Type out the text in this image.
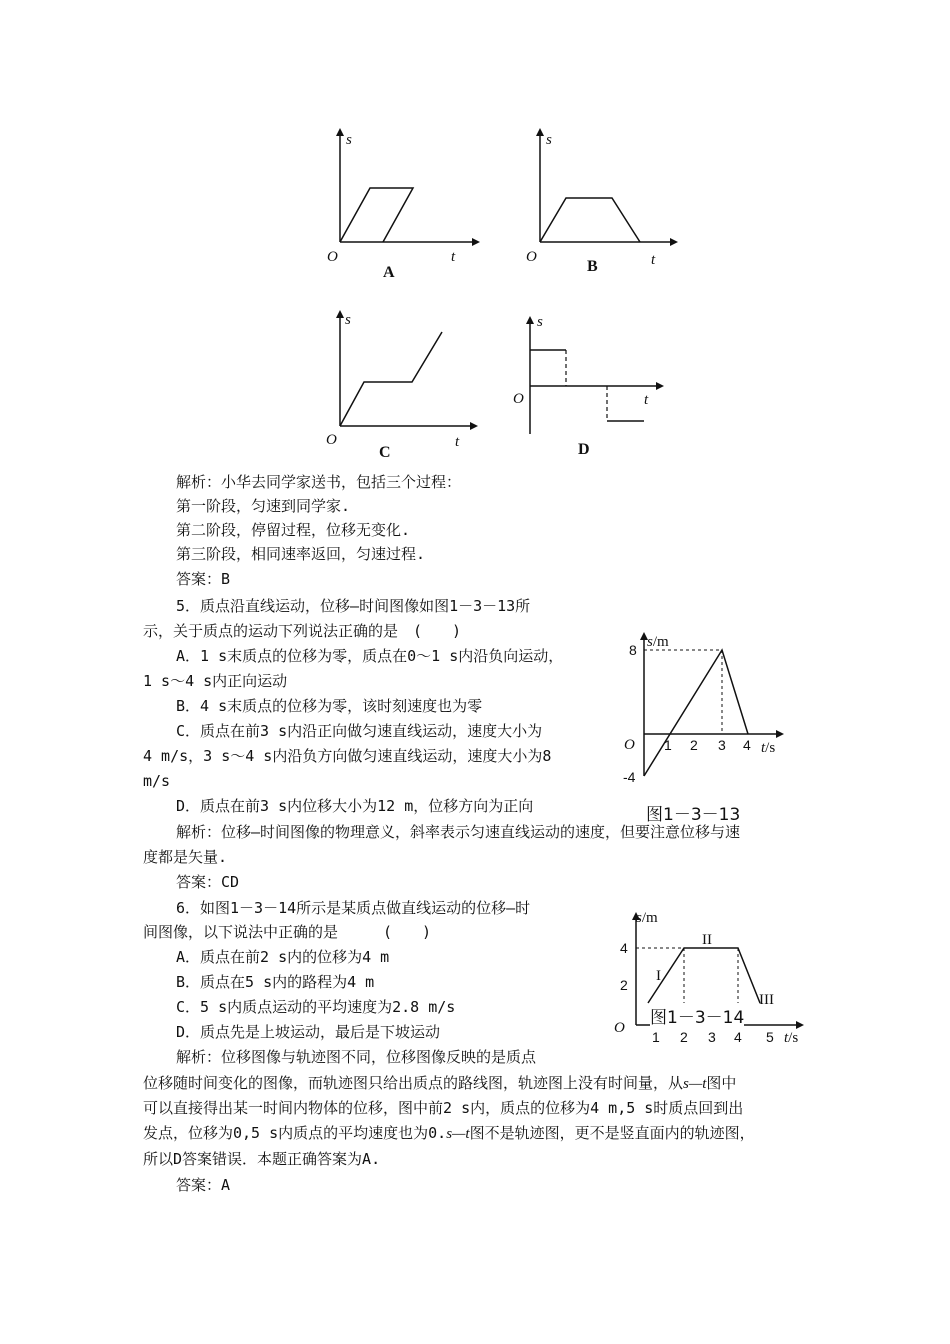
s
t
O
A
s
t
O
B
s
t
O
C
s
t
O
D
解析：小华去同学家送书，包括三个过程：
第一阶段，匀速到同学家.
第二阶段，停留过程，位移无变化.
第三阶段，相同速率返回，匀速过程.
答案：B
5．质点沿直线运动，位移—时间图像如图1－3－13所
示，关于质点的运动下列说法正确的是　(　　)
A．1 s末质点的位移为零，质点在0～1 s内沿负向运动，
1 s～4 s内正向运动
B．4 s末质点的位移为零，该时刻速度也为零
C．质点在前3 s内沿正向做匀速直线运动，速度大小为
4 m/s，3 s～4 s内沿负方向做匀速直线运动，速度大小为8
m/s
D．质点在前3 s内位移大小为12 m，位移方向为正向
解析：位移—时间图像的物理意义，斜率表示匀速直线运动的速度，但要注意位移与速
度都是矢量.
答案：CD
s/m
t/s
O
8
-4
1 2 3 4
图1－3－13
6．如图1－3－14所示是某质点做直线运动的位移—时
间图像，以下说法中正确的是　　　(　　)
A．质点在前2 s内的位移为4 m
B．质点在5 s内的路程为4 m
C．5 s内质点运动的平均速度为2.8 m/s
D．质点先是上坡运动，最后是下坡运动
解析：位移图像与轨迹图不同，位移图像反映的是质点
位移随时间变化的图像，而轨迹图只给出质点的路线图，轨迹图上没有时间量，从s—t图中
可以直接得出某一时间内物体的位移，图中前2 s内，质点的位移为4 m,5 s时质点回到出
发点，位移为0,5 s内质点的平均速度也为0.s—t图不是轨迹图，更不是竖直面内的轨迹图，
所以D答案错误．本题正确答案为A.
答案：A
s/m
t/s
O
4
2
1 2 3 4 5
I
II
III
图1－3－14
